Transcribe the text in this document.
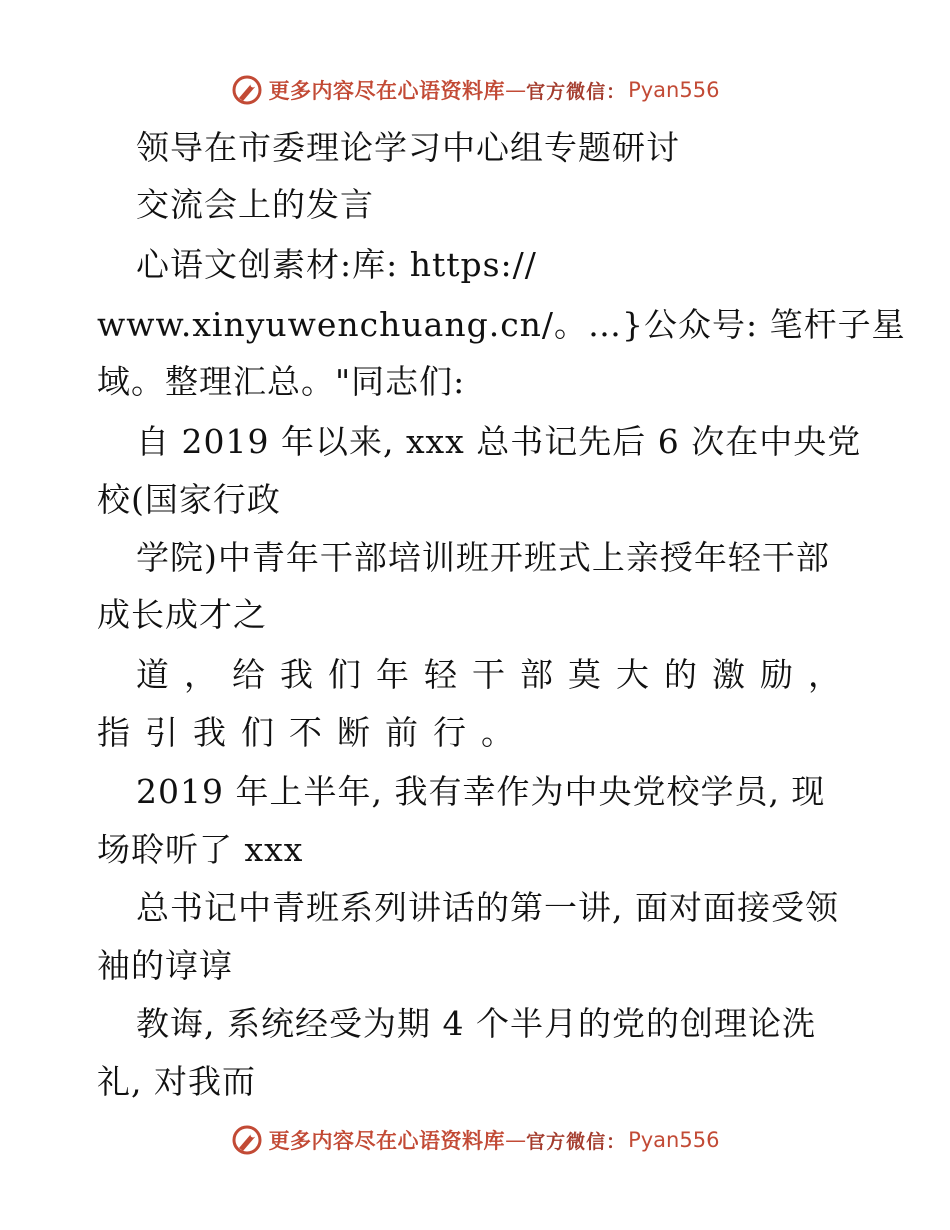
更多内容尽在心语资料库 — 官方微信： Pyan556
领导在市委理论学习中心组专题研讨
交流会上的发言
心语文创素材:库: https://
www.xinyuwenchuang.cn/。…}公众号: 笔杆子星
域。整理汇总。"同志们:
自 2019 年以来, xxx 总书记先后 6 次在中央党
校(国家行政
学院)中青年干部培训班开班式上亲授年轻干部
成长成才之
道，给我们年轻干部莫大的激励，
指引我们不断前行。
2019 年上半年, 我有幸作为中央党校学员, 现
场聆听了 xxx
总书记中青班系列讲话的第一讲, 面对面接受领
袖的谆谆
教诲, 系统经受为期 4 个半月的党的创理论洗
礼, 对我而
更多内容尽在心语资料库 — 官方微信： Pyan556
